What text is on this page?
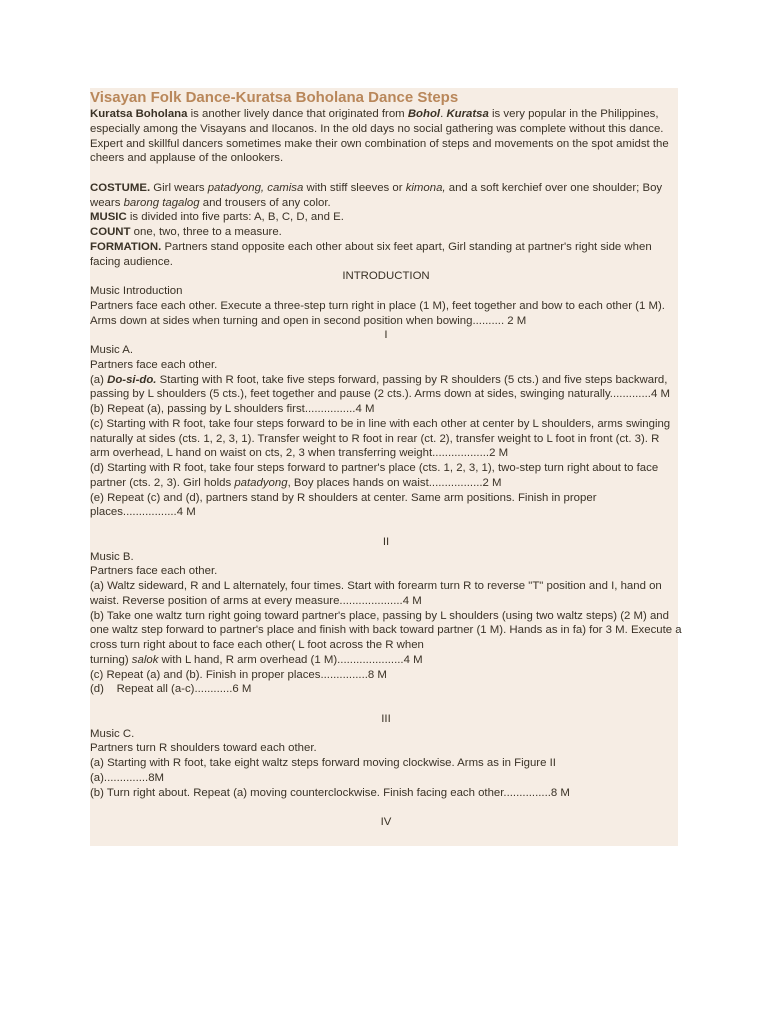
Visayan Folk Dance-Kuratsa Boholana Dance Steps

Kuratsa Boholana is another lively dance that originated from Bohol. Kuratsa is very popular in the Philippines, especially among the Visayans and Ilocanos. In the old days no social gathering was complete without this dance. Expert and skillful dancers sometimes make their own combination of steps and movements on the spot amidst the cheers and applause of the onlookers.

COSTUME. Girl wears patadyong, camisa with stiff sleeves or kimona, and a soft kerchief over one shoulder; Boy wears barong tagalog and trousers of any color.

MUSIC is divided into five parts: A, B, C, D, and E.

COUNT one, two, three to a measure.

FORMATION. Partners stand opposite each other about six feet apart, Girl standing at partner's right side when facing audience.

INTRODUCTION

Music Introduction

Partners face each other. Execute a three-step turn right in place (1 M), feet together and bow to each other (1 M). Arms down at sides when turning and open in second position when bowing.......... 2 M

I

Music A.

Partners face each other.

(a) Do-si-do. Starting with R foot, take five steps forward, passing by R shoulders (5 cts.) and five steps backward, passing by L shoulders (5 cts.), feet together and pause (2 cts.). Arms down at sides, swinging naturally.............4 M

(b) Repeat (a), passing by L shoulders first................4 M

(c) Starting with R foot, take four steps forward to be in line with each other at center by L shoulders, arms swinging naturally at sides (cts. 1, 2, 3, 1). Transfer weight to R foot in rear (ct. 2), transfer weight to L foot in front (ct. 3). R arm overhead, L hand on waist on cts, 2, 3 when transferring weight..................2 M

(d) Starting with R foot, take four steps forward to partner's place (cts. 1, 2, 3, 1), two-step turn right about to face partner (cts. 2, 3). Girl holds patadyong, Boy places hands on waist.................2 M

(e) Repeat (c) and (d), partners stand by R shoulders at center. Same arm positions. Finish in proper places.................4 M

II

Music B.

Partners face each other.

(a) Waltz sideward, R and L alternately, four times. Start with forearm turn R to reverse "T" position and I, hand on waist. Reverse position of arms at every measure....................4 M

(b) Take one waltz turn right going toward partner's place, passing by L shoulders (using two waltz steps) (2 M) and one waltz step forward to partner's place and finish with back toward partner (1 M). Hands as in fa) for 3 M. Execute a cross turn right about to face each other( L foot across the R when
turning) salok with L hand, R arm overhead (1 M).....................4 M

(c) Repeat (a) and (b). Finish in proper places...............8 M

(d)    Repeat all (a-c)............6 M

III

Music C.

Partners turn R shoulders toward each other.

(a) Starting with R foot, take eight waltz steps forward moving clockwise. Arms as in Figure II

(a)..............8M

(b) Turn right about. Repeat (a) moving counterclockwise. Finish facing each other...............8 M

IV
